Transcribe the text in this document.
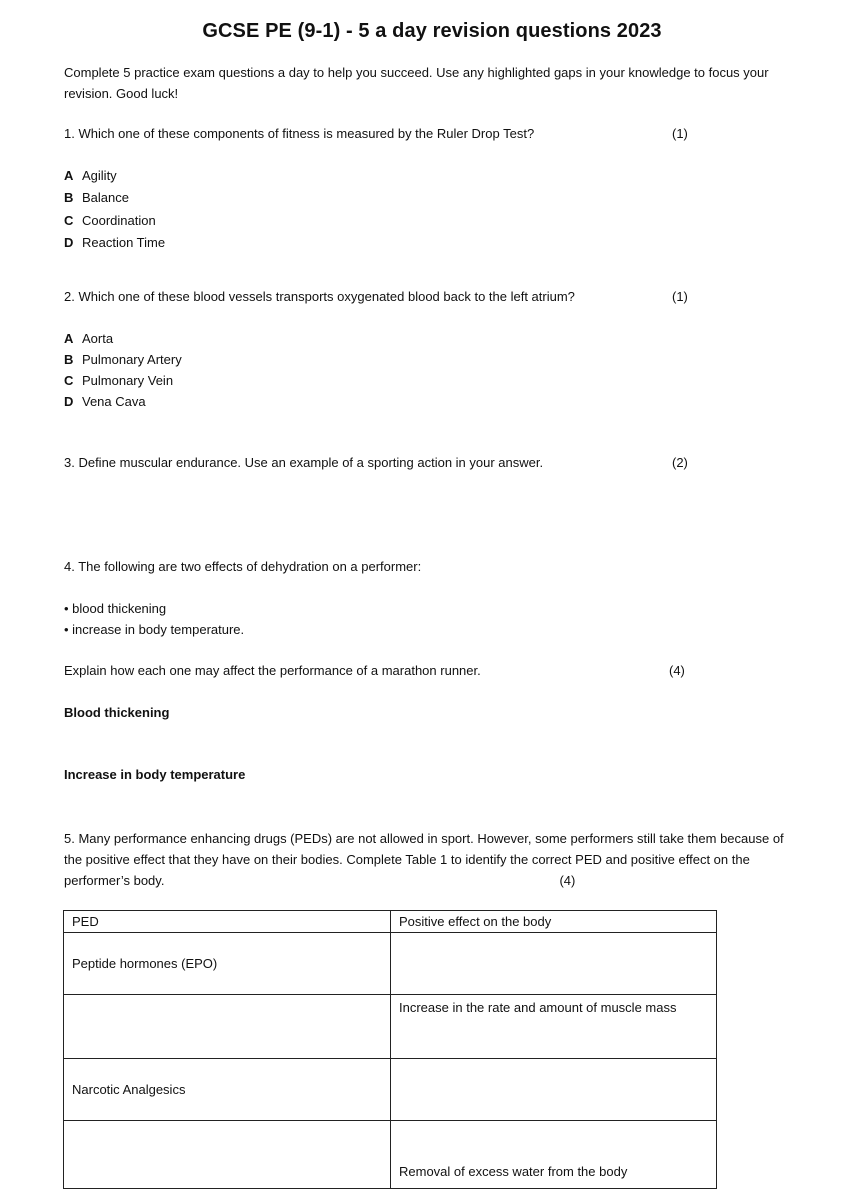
GCSE PE (9-1) - 5 a day revision questions 2023
Complete 5 practice exam questions a day to help you succeed. Use any highlighted gaps in your knowledge to focus your revision. Good luck!
1. Which one of these components of fitness is measured by the Ruler Drop Test?	(1)
A Agility
B Balance
C Coordination
D Reaction Time
2. Which one of these blood vessels transports oxygenated blood back to the left atrium?	(1)
A Aorta
B Pulmonary Artery
C Pulmonary Vein
D Vena Cava
3. Define muscular endurance. Use an example of a sporting action in your answer.	(2)
4. The following are two effects of dehydration on a performer:
• blood thickening
• increase in body temperature.
Explain how each one may affect the performance of a marathon runner.	(4)
Blood thickening
Increase in body temperature
5. Many performance enhancing drugs (PEDs) are not allowed in sport. However, some performers still take them because of the positive effect that they have on their bodies. Complete Table 1 to identify the correct PED and positive effect on the performer’s body.	(4)
PED	Positive effect on the body
Peptide hormones (EPO)	
	Increase in the rate and amount of muscle mass
Narcotic Analgesics	
	Removal of excess water from the body
